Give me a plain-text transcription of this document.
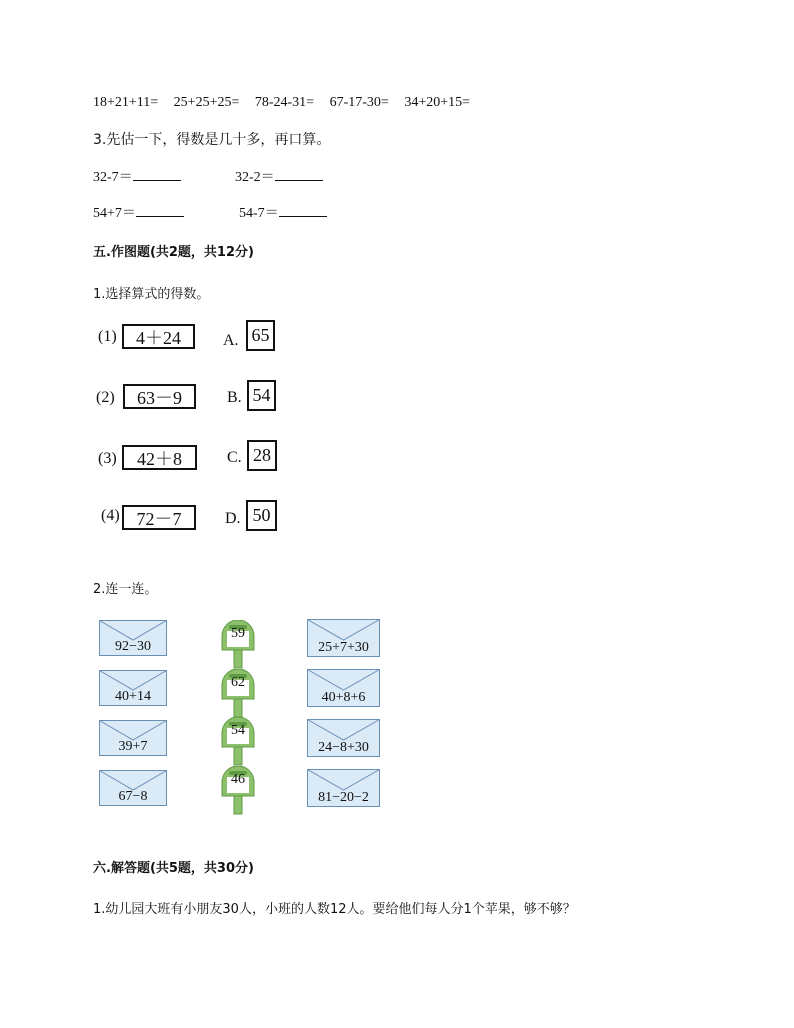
18+21+11= 25+25+25= 78-24-31= 67-17-30= 34+20+15=
3.先估一下，得数是几十多，再口算。
32-7＝	32-2＝
54+7＝	54-7＝
五.作图题(共2题，共12分)
1.选择算式的得数。
(1)	4＋24	A. 65
(2)	63－9	B. 54
(3)	42＋8	C. 28
(4) 72－7	D. 50
2.连一连。
92−30
40+14
39+7
67−8
59
62
54
46
25+7+30
40+8+6
24−8+30
81−20−2
六.解答题(共5题，共30分)
1.幼儿园大班有小朋友30人，小班的人数12人。要给他们每人分1个苹果，够不够？
